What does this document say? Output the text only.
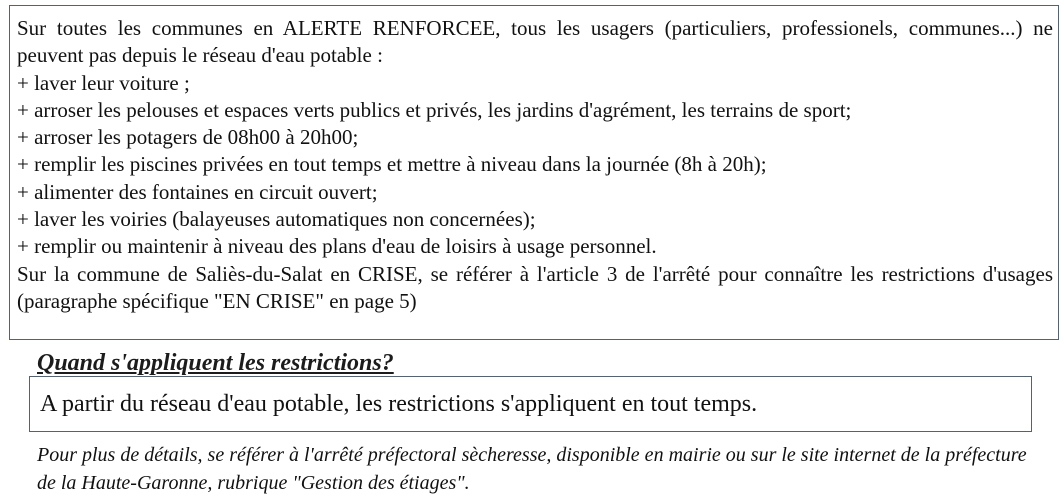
Sur toutes les communes en ALERTE RENFORCEE, tous les usagers (particuliers, professionels, communes...) ne peuvent pas depuis le réseau d'eau potable :

+ laver leur voiture ;

+ arroser les pelouses et espaces verts publics et privés, les jardins d'agrément, les terrains de sport;

+ arroser les potagers de 08h00 à 20h00;

+ remplir les piscines privées en tout temps et mettre à niveau dans la journée (8h à 20h);

+ alimenter des fontaines en circuit ouvert;

+ laver les voiries (balayeuses automatiques non concernées);

+ remplir ou maintenir à niveau des plans d'eau de loisirs à usage personnel.

Sur la commune de Saliès-du-Salat en CRISE, se référer à l'article 3 de l'arrêté pour connaître les restrictions d'usages (paragraphe spécifique "EN CRISE" en page 5)

Quand s'appliquent les restrictions?
A partir du réseau d'eau potable, les restrictions s'appliquent en tout temps.

Pour plus de détails, se référer à l'arrêté préfectoral sècheresse, disponible en mairie ou sur le site internet de la préfecture de la Haute-Garonne, rubrique "Gestion des étiages".
